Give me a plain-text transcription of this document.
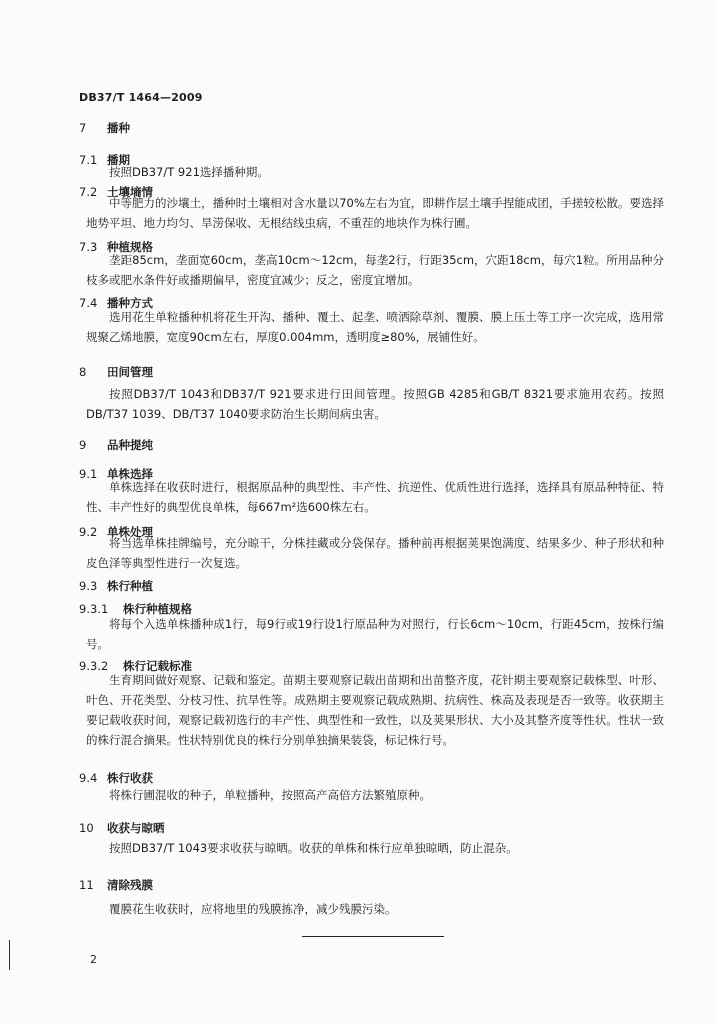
DB37/T 1464—2009
7 播种
7.1 播期
按照DB37/T 921选择播种期。
7.2 土壤墒情
中等肥力的沙壤土，播种时土壤相对含水量以70%左右为宜，即耕作层土壤手捏能成团，手搓较松散。要选择地势平坦、地力均匀、旱涝保收、无根结线虫病，不重茬的地块作为株行圃。
7.3 种植规格
垄距85cm，垄面宽60cm，垄高10cm～12cm，每垄2行，行距35cm，穴距18cm，每穴1粒。所用品种分枝多或肥水条件好或播期偏早，密度宜减少；反之，密度宜增加。
7.4 播种方式
选用花生单粒播种机将花生开沟、播种、覆土、起垄、喷洒除草剂、覆膜、膜上压土等工序一次完成，选用常规聚乙烯地膜，宽度90cm左右，厚度0.004mm，透明度≥80%，展铺性好。
8 田间管理
按照DB37/T 1043和DB37/T 921要求进行田间管理。按照GB 4285和GB/T 8321要求施用农药。按照DB/T37 1039、DB/T37 1040要求防治生长期间病虫害。
9 品种提纯
9.1 单株选择
单株选择在收获时进行，根据原品种的典型性、丰产性、抗逆性、优质性进行选择，选择具有原品种特征、特性、丰产性好的典型优良单株，每667m²选600株左右。
9.2 单株处理
将当选单株挂牌编号，充分晾干，分株挂藏或分袋保存。播种前再根据荚果饱满度、结果多少、种子形状和种皮色泽等典型性进行一次复选。
9.3 株行种植
9.3.1 株行种植规格
将每个入选单株播种成1行，每9行或19行设1行原品种为对照行，行长6cm～10cm，行距45cm，按株行编号。
9.3.2 株行记载标准
生育期间做好观察、记载和鉴定。苗期主要观察记载出苗期和出苗整齐度，花针期主要观察记载株型、叶形、叶色、开花类型、分枝习性、抗旱性等。成熟期主要观察记载成熟期、抗病性、株高及表现是否一致等。收获期主要记载收获时间，观察记载初选行的丰产性、典型性和一致性，以及荚果形状、大小及其整齐度等性状。性状一致的株行混合摘果。性状特别优良的株行分别单独摘果装袋，标记株行号。
9.4 株行收获
将株行圃混收的种子，单粒播种，按照高产高倍方法繁殖原种。
10 收获与晾晒
按照DB37/T 1043要求收获与晾晒。收获的单株和株行应单独晾晒，防止混杂。
11 清除残膜
覆膜花生收获时，应将地里的残膜拣净，减少残膜污染。
2
